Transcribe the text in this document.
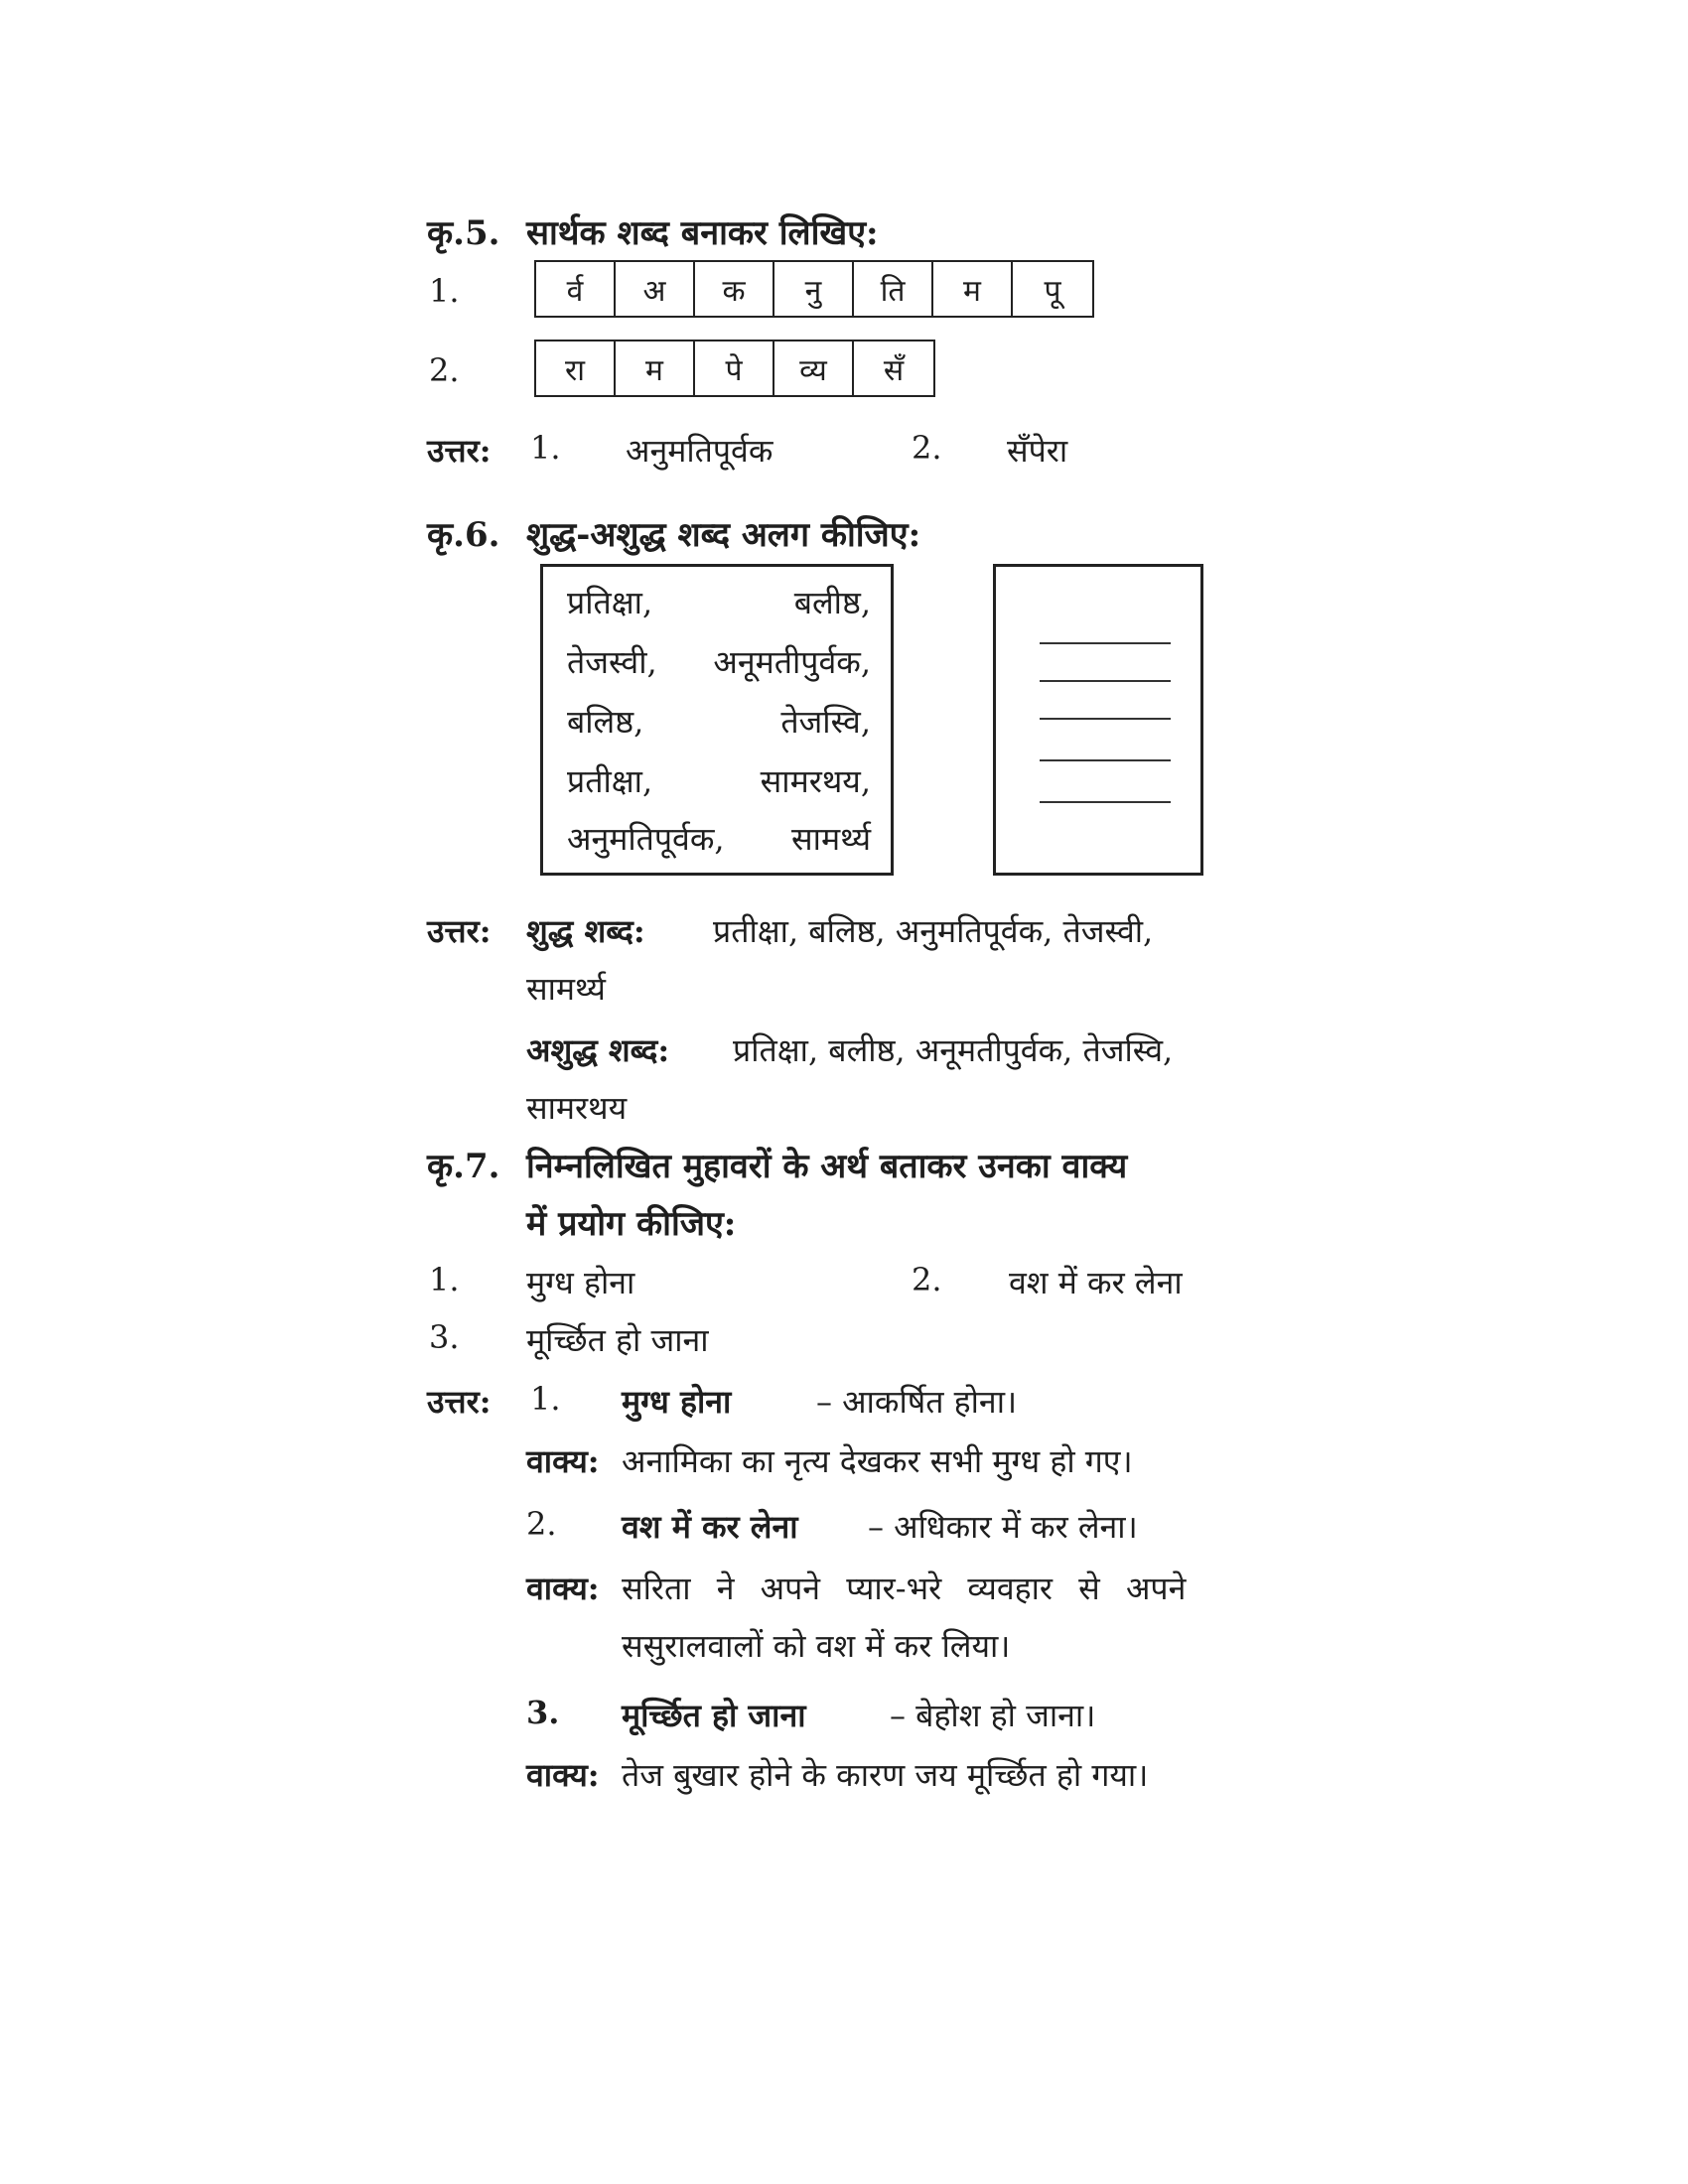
कृ.5. सार्थक शब्द बनाकर लिखिए:
1.	र्व	अ	क	नु	ति	म	पू
2.	रा	म	पे	व्य	सँ
उत्तर: 1. अनुमतिपूर्वक	2. सँपेरा
कृ.6. शुद्ध-अशुद्ध शब्द अलग कीजिए:
प्रतिक्षा,	बलीष्ठ,
तेजस्वी, अनूमतीपुर्वक,
बलिष्ठ,	तेजस्वि,
प्रतीक्षा,	सामरथय,
अनुमतिपूर्वक, सामर्थ्य
उत्तर: शुद्ध शब्द: प्रतीक्षा, बलिष्ठ, अनुमतिपूर्वक, तेजस्वी,
सामर्थ्य
अशुद्ध शब्द: प्रतिक्षा, बलीष्ठ, अनूमतीपुर्वक, तेजस्वि,
सामरथय
कृ.7. निम्नलिखित मुहावरों के अर्थ बताकर उनका वाक्य
में प्रयोग कीजिए:
1. मुग्ध होना	2. वश में कर लेना
3. मूर्च्छित हो जाना
उत्तर: 1. मुग्ध होना	– आकर्षित होना।
वाक्य: अनामिका का नृत्य देखकर सभी मुग्ध हो गए।
2. वश में कर लेना – अधिकार में कर लेना।
वाक्य: सरिता ने अपने प्यार-भरे व्यवहार से अपने
ससुरालवालों को वश में कर लिया।
3. मूर्च्छित हो जाना	– बेहोश हो जाना।
वाक्य: तेज बुखार होने के कारण जय मूर्च्छित हो गया।
